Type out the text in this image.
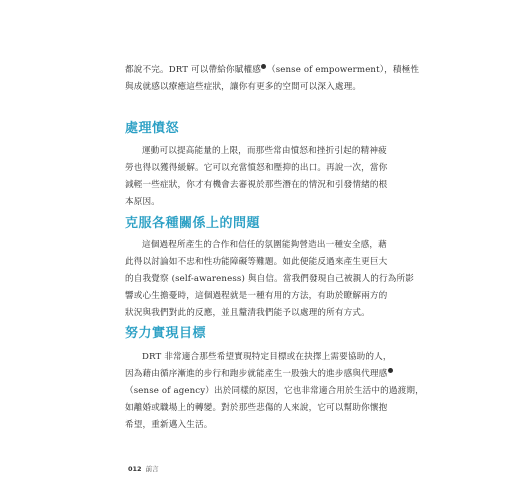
都說不完。DRT 可以帶給你賦權感 （sense of empowerment），積極性
與成就感以療癒這些症狀，讓你有更多的空間可以深入處理。

處理憤怒

運動可以提高能量的上限，而那些常由憤怒和挫折引起的精神疲
勞也得以獲得緩解。它可以充當憤怒和壓抑的出口。再說一次，當你
減輕一些症狀，你才有機會去審視於那些潛在的情況和引發情緒的根
本原因。

克服各種關係上的問題

這個過程所產生的合作和信任的氛圍能夠營造出一種安全感，藉
此得以討論如不忠和性功能障礙等難題。如此便能反過來產生更巨大
的自我覺察 (self-awareness) 與自信。當我們發現自己被親人的行為所影
響或心生擔憂時，這個過程就是一種有用的方法，有助於瞭解兩方的
狀況與我們對此的反應，並且釐清我們能予以處理的所有方式。

努力實現目標

DRT 非常適合那些希望實現特定目標或在抉擇上需要協助的人，
因為藉由循序漸進的步行和跑步就能產生一股強大的進步感與代理感
（sense of agency）出於同樣的原因，它也非常適合用於生活中的過渡期，
如離婚或職場上的轉變。對於那些悲傷的人來說，它可以幫助你懷抱
希望，重新邁入生活。

012 前言
